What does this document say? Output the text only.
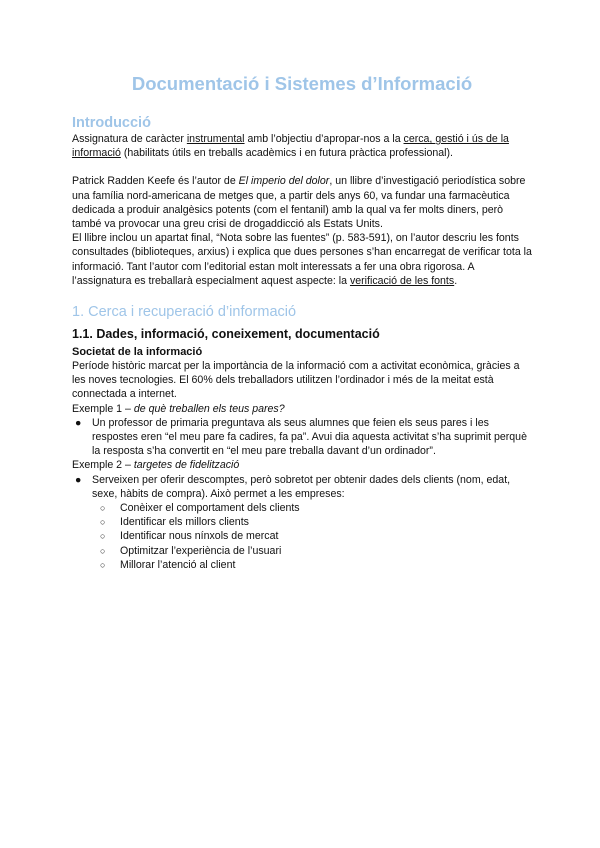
Documentació i Sistemes d’Informació
Introducció

Assignatura de caràcter instrumental amb l’objectiu d’apropar-nos a la cerca, gestió i ús de la informació (habilitats útils en treballs acadèmics i en futura pràctica professional).

Patrick Radden Keefe és l’autor de El imperio del dolor, un llibre d’investigació periodística sobre una família nord-americana de metges que, a partir dels anys 60, va fundar una farmacèutica dedicada a produir analgèsics potents (com el fentanil) amb la qual va fer molts diners, però també va provocar una greu crisi de drogaddicció als Estats Units.

El llibre inclou un apartat final, “Nota sobre las fuentes” (p. 583-591), on l’autor descriu les fonts consultades (biblioteques, arxius) i explica que dues persones s’han encarregat de verificar tota la informació. Tant l’autor com l’editorial estan molt interessats a fer una obra rigorosa. A l’assignatura es treballarà especialment aquest aspecte: la verificació de les fonts.

1. Cerca i recuperació d’informació
1.1. Dades, informació, coneixement, documentació
Societat de la informació

Període històric marcat per la importància de la informació com a activitat econòmica, gràcies a les noves tecnologies. El 60% dels treballadors utilitzen l’ordinador i més de la meitat està connectada a internet.

Exemple 1 – de què treballen els teus pares?

● Un professor de primaria preguntava als seus alumnes que feien els seus pares i les respostes eren “el meu pare fa cadires, fa pa”. Avui dia aquesta activitat s’ha suprimit perquè la resposta s’ha convertit en “el meu pare treballa davant d’un ordinador”.

Exemple 2 – targetes de fidelització

● Serveixen per oferir descomptes, però sobretot per obtenir dades dels clients (nom, edat, sexe, hàbits de compra). Això permet a les empreses:
○ Conèixer el comportament dels clients
○ Identificar els millors clients
○ Identificar nous nínxols de mercat
○ Optimitzar l’experiència de l’usuari
○ Millorar l’atenció al client
